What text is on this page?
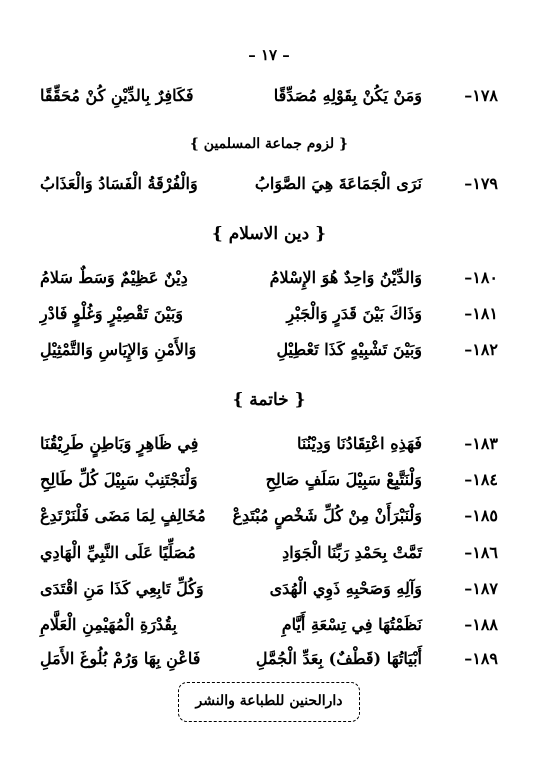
– ١٧ –
١٧٨–
وَمَنْ يَكُنْ بِقَوْلِهِ مُصَدِّقًا
فَكَافِرٌ بِالدِّيْنِ كُنْ مُحَقِّقًا
{ لزوم جماعة المسلمين }
١٧٩–
نَرَى الْجَمَاعَةَ هِيَ الصَّوَابُ
وَالْفُرْقَةُ الْفَسَادُ وَالْعَذَابُ
{ دين الاسلام }
١٨٠–
وَالدِّيْنُ وَاحِدٌ هُوَ الإِسْلامُ
دِيْنٌ عَظِيْمٌ وَسَطٌ سَلامُ
١٨١–
وَذَاكَ بَيْنَ قَدَرٍ وَالْجَبْرِ
وَبَيْنَ تَقْصِيْرٍ وَغُلْوٍ فَادْرِ
١٨٢–
وَبَيْنَ تَشْبِيْهٍ كَذَا تَعْطِيْلِ
وَالأَمْنِ وَالإِيَاسِ وَالتَّمْثِيْلِ
{ خاتمة }
١٨٣–
فَهَذِهِ اعْتِقَادُنَا وَدِيْنُنَا
فِي ظَاهِرٍ وَبَاطِنٍ طَرِيْقُنَا
١٨٤–
وَلْنَتَّبِعْ سَبِيْلَ سَلَفٍ صَالِحِ
وَلْنَجْتَنِبْ سَبِيْلَ كُلِّ طَالِحِ
١٨٥–
وَلْنَبْرَأَنْ مِنْ كُلِّ شَخْصٍ مُبْتَدِعْ
مُخَالِفٍ لِمَا مَضَى فَلْنَرْتَدِعْ
١٨٦–
تَمَّتْ بِحَمْدِ رَبِّنَا الْجَوَادِ
مُصَلِّيًا عَلَى النَّبِيِّ الْهَادِي
١٨٧–
وَآلِهِ وَصَحْبِهِ ذَوِي الْهُدَى
وَكُلِّ تَابِعِي كَذَا مَنِ اقْتَدَى
١٨٨–
نَظَمْتُهَا فِي تِسْعَةِ أَيَّامِ
بِقُدْرَةِ الْمُهَيْمِنِ الْعَلَّامِ
١٨٩–
أَبْيَاتُهَا (قَطْفٌ) بِعَدِّ الْجُمَّلِ
فَاعْنِ بِهَا وَرُمْ بُلُوغَ الأَمَلِ
دارالحنين للطباعة والنشر
